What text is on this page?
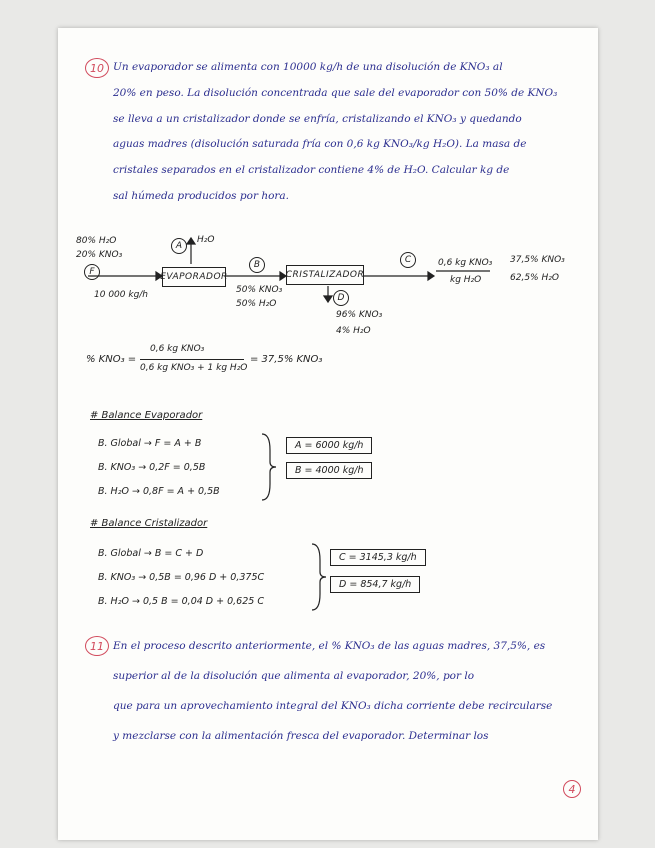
10 Un evaporador se alimenta con 10000 kg/h de una disolución de KNO₃ al
20% en peso. La disolución concentrada que sale del evaporador con 50% de KNO₃
se lleva a un cristalizador donde se enfría, cristalizando el KNO₃ y quedando
aguas madres (disolución saturada fría con 0,6 kg KNO₃/kg H₂O). La masa de
cristales separados en el cristalizador contiene 4% de H₂O. Calcular kg de
sal húmeda producidos por hora.
80% H₂O
20% KNO₃
F
10 000 kg/h
A
H₂O
EVAPORADOR
B
50% KNO₃
50% H₂O
CRISTALIZADOR
D
96% KNO₃
4% H₂O
C	0,6 kg KNO₃
kg H₂O
37,5% KNO₃
62,5% H₂O
% KNO₃ =
0,6 kg KNO₃
0,6 kg KNO₃ + 1 kg H₂O
= 37,5% KNO₃
# Balance Evaporador
B. Global → F = A + B
B. KNO₃ → 0,2F = 0,5B
B. H₂O → 0,8F = A + 0,5B
A = 6000 kg/h
B = 4000 kg/h
# Balance Cristalizador
B. Global → B = C + D
B. KNO₃ → 0,5B = 0,96 D + 0,375C
B. H₂O → 0,5 B = 0,04 D + 0,625 C
C = 3145,3 kg/h
D = 854,7 kg/h
11 En el proceso descrito anteriormente, el % KNO₃ de las aguas madres, 37,5%, es
superior al de la disolución que alimenta al evaporador, 20%, por lo
que para un aprovechamiento integral del KNO₃ dicha corriente debe recircularse
y mezclarse con la alimentación fresca del evaporador. Determinar los
4
